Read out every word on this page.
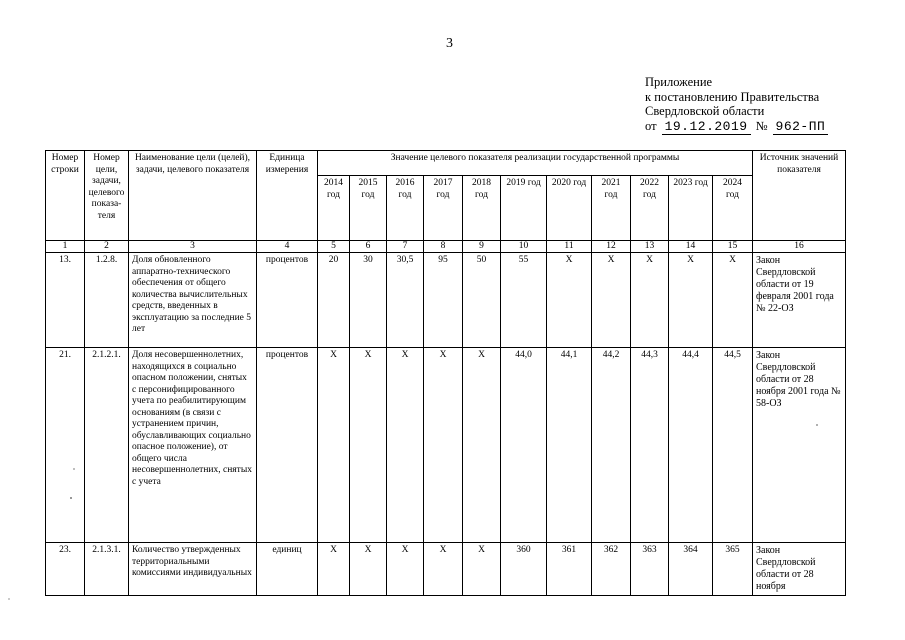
3
Приложение
к постановлению Правительства
Свердловской области
от 19.12.2019 № 962-ПП
Номер строки	Номер цели, задачи, целевого показа-теля	Наименование цели (целей), задачи, целевого показателя	Единица измерения	Значение целевого показателя реализации государственной программы											Источник значений показателя
				2014 год	2015 год	2016 год	2017 год	2018 год	2019 год	2020 год	2021 год	2022 год	2023 год	2024 год	
1	2	3	4	5	6	7	8	9	10	11	12	13	14	15	16
13.	1.2.8.	Доля обновленного аппаратно-технического обеспечения от общего количества вычислительных средств, введенных в эксплуатацию за последние 5 лет	процентов	20	30	30,5	95	50	55	X	X	X	X	X	Закон Свердловской области от 19 февраля 2001 года № 22-ОЗ
21.	2.1.2.1.	Доля несовершеннолетних, находящихся в социально опасном положении, снятых с персонифицированного учета по реабилитирующим основаниям (в связи с устранением причин, обуславливающих социально опасное положение), от общего числа несовершеннолетних, снятых с учета	процентов	X	X	X	X	X	44,0	44,1	44,2	44,3	44,4	44,5	Закон Свердловской области от 28 ноября 2001 года № 58-ОЗ
23.	2.1.3.1.	Количество утвержденных территориальными комиссиями индивидуальных	единиц	X	X	X	X	X	360	361	362	363	364	365	Закон Свердловской области от 28 ноября
